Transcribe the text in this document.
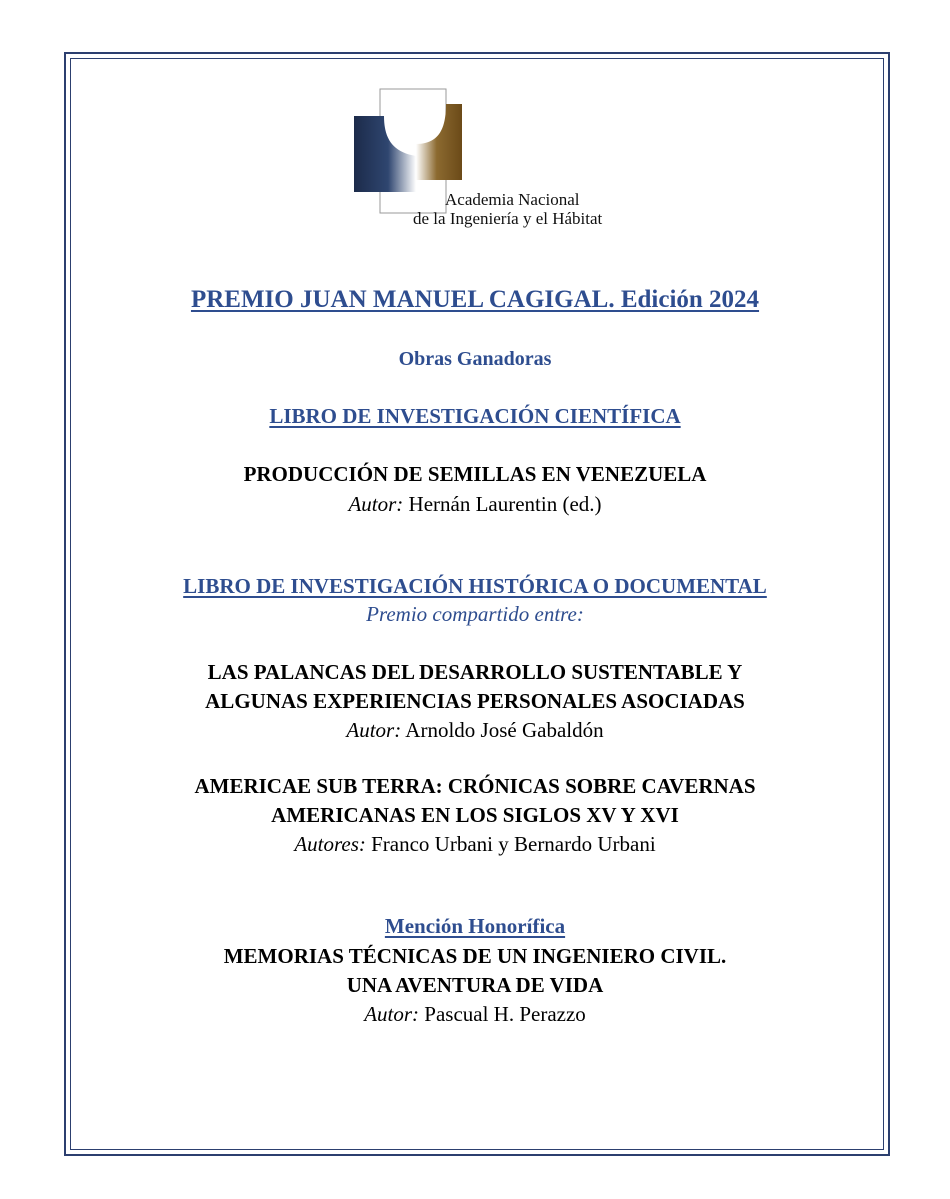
Academia Nacional
de la Ingeniería y el Hábitat
PREMIO JUAN MANUEL CAGIGAL. Edición 2024
Obras Ganadoras
LIBRO DE INVESTIGACIÓN CIENTÍFICA
PRODUCCIÓN DE SEMILLAS EN VENEZUELA
Autor: Hernán Laurentin (ed.)
LIBRO DE INVESTIGACIÓN HISTÓRICA O DOCUMENTAL
Premio compartido entre:
LAS PALANCAS DEL DESARROLLO SUSTENTABLE Y
ALGUNAS EXPERIENCIAS PERSONALES ASOCIADAS
Autor: Arnoldo José Gabaldón
AMERICAE SUB TERRA: CRÓNICAS SOBRE CAVERNAS
AMERICANAS EN LOS SIGLOS XV Y XVI
Autores: Franco Urbani y Bernardo Urbani
Mención Honorífica
MEMORIAS TÉCNICAS DE UN INGENIERO CIVIL.
UNA AVENTURA DE VIDA
Autor: Pascual H. Perazzo
